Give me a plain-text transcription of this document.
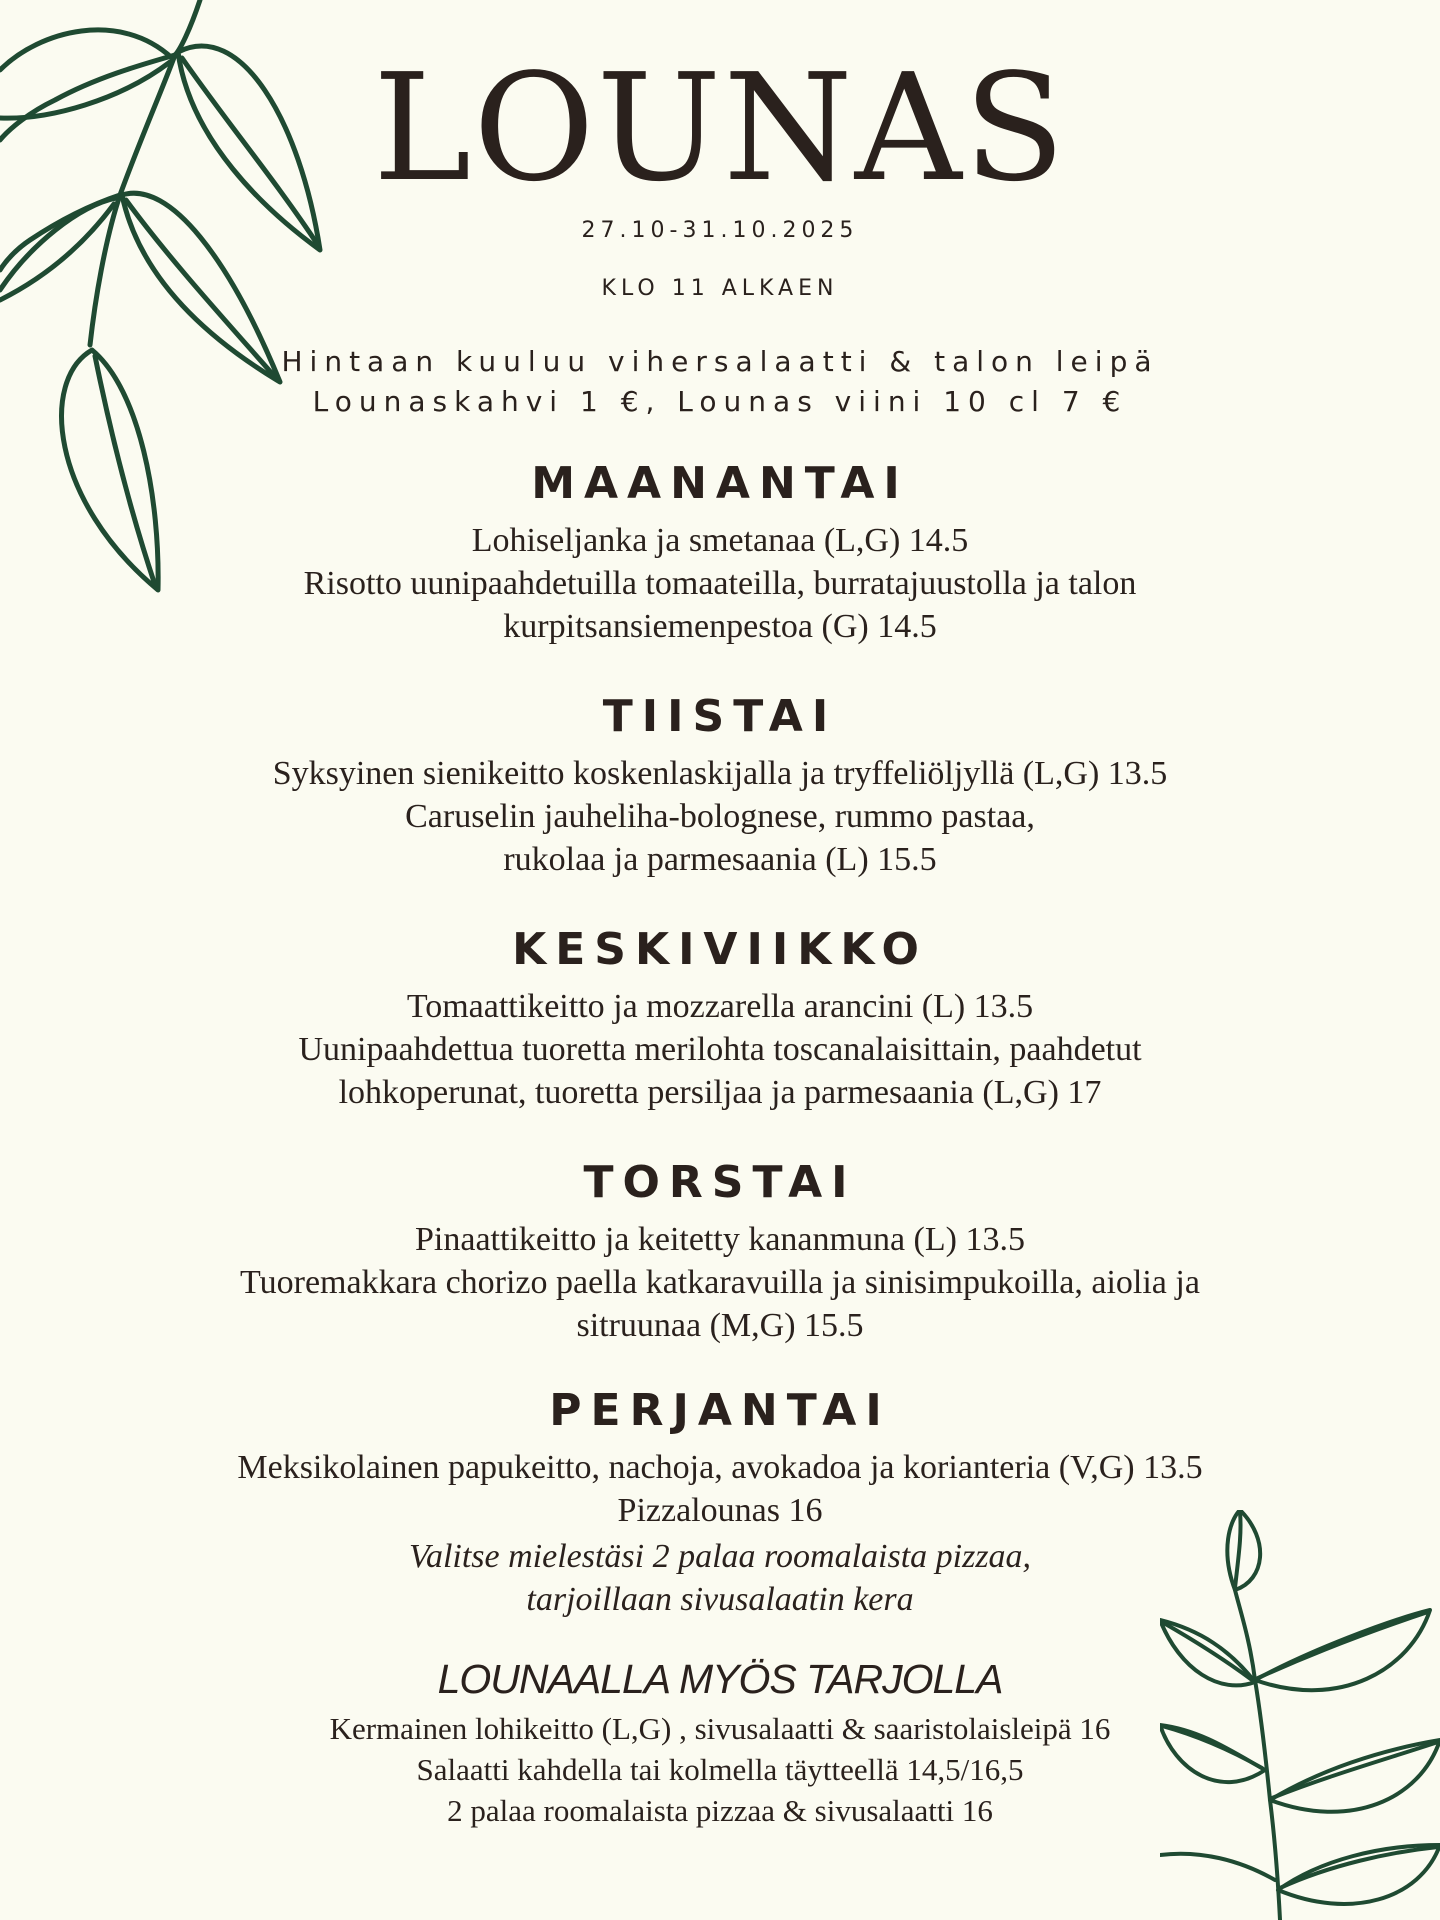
LOUNAS
27.10-31.10.2025
KLO 11 ALKAEN
Hintaan kuuluu vihersalaatti & talon leipä
Lounaskahvi 1 €, Lounas viini 10 cl 7 €
MAANANTAI
Lohiseljanka ja smetanaa (L,G) 14.5
Risotto uunipaahdetuilla tomaateilla, burratajuustolla ja talon
kurpitsansiemenpestoa (G) 14.5
TIISTAI
Syksyinen sienikeitto koskenlaskijalla ja tryffeliöljyllä (L,G) 13.5
Caruselin jauheliha-bolognese, rummo pastaa,
rukolaa ja parmesaania (L) 15.5
KESKIVIIKKO
Tomaattikeitto ja mozzarella arancini (L) 13.5
Uunipaahdettua tuoretta merilohta toscanalaisittain, paahdetut
lohkoperunat, tuoretta persiljaa ja parmesaania (L,G) 17
TORSTAI
Pinaattikeitto ja keitetty kananmuna (L) 13.5
Tuoremakkara chorizo paella katkaravuilla ja sinisimpukoilla, aiolia ja
sitruunaa (M,G) 15.5
PERJANTAI
Meksikolainen papukeitto, nachoja, avokadoa ja korianteria (V,G) 13.5
Pizzalounas 16
Valitse mielestäsi 2 palaa roomalaista pizzaa,
tarjoillaan sivusalaatin kera
LOUNAALLA MYÖS TARJOLLA
Kermainen lohikeitto (L,G) , sivusalaatti & saaristolaisleipä 16
Salaatti kahdella tai kolmella täytteellä 14,5/16,5
2 palaa roomalaista pizzaa & sivusalaatti 16
